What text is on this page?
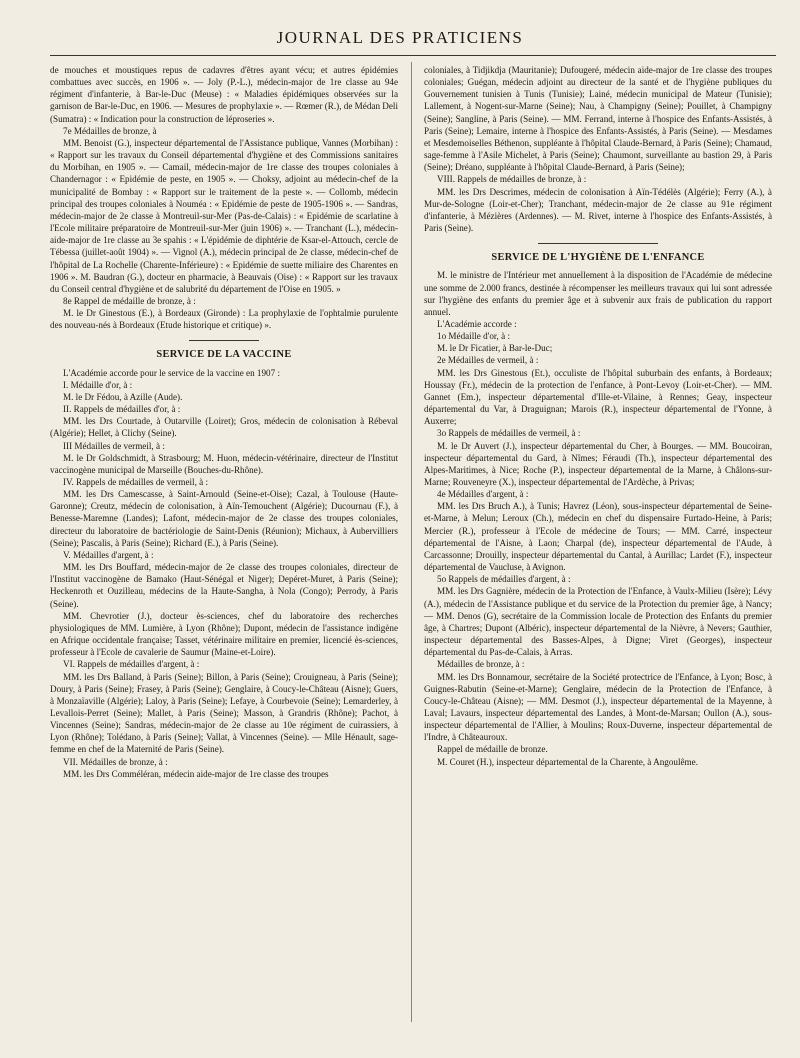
JOURNAL DES PRATICIENS

de mouches et moustiques repus de cadavres d'êtres ayant vécu; et autres épidémies combattues avec succès, en 1906 ». — Joly (P.-L.), médecin-major de 1re classe au 94e régiment d'infanterie, à Bar-le-Duc (Meuse) : « Maladies épidémiques observées sur la garnison de Bar-le-Duc, en 1906. — Mesures de prophylaxie ». — Rœmer (R.), de Médan Deli (Sumatra) : « Indication pour la construction de léproseries ».

7e Médailles de bronze, à

MM. Benoist (G.), inspecteur départemental de l'Assistance publique, Vannes (Morbihan) : « Rapport sur les travaux du Conseil départemental d'hygiène et des Commissions sanitaires du Morbihan, en 1905 ». — Camail, médecin-major de 1re classe des troupes coloniales à Chandernagor : « Epidémie de peste, en 1905 ». — Choksy, adjoint au médecin-chef de la municipalité de Bombay : « Rapport sur le traitement de la peste ». — Collomb, médecin principal des troupes coloniales à Nouméa : « Epidémie de peste de 1905-1906 ». — Sandras, médecin-major de 2e classe à Montreuil-sur-Mer (Pas-de-Calais) : « Epidémie de scarlatine à l'Ecole militaire préparatoire de Montreuil-sur-Mer (juin 1906) ». — Tranchant (L.), médecin-aide-major de 1re classe au 3e spahis : « L'épidémie de diphtérie de Ksar-el-Attouch, cercle de Tébessa (juillet-août 1904) ». — Vignol (A.), médecin principal de 2e classe, médecin-chef de l'hôpital de La Rochelle (Charente-Inférieure) : « Epidémie de suette miliaire des Charentes en 1906 ». M. Baudran (G.), docteur en pharmacie, à Beauvais (Oise) : « Rapport sur les travaux du Conseil central d'hygiène et de salubrité du département de l'Oise en 1905. »

8e Rappel de médaille de bronze, à :

M. le Dr Ginestous (E.), à Bordeaux (Gironde) : La prophylaxie de l'ophtalmie purulente des nouveau-nés à Bordeaux (Etude historique et critique) ».

SERVICE DE LA VACCINE

L'Académie accorde pour le service de la vaccine en 1907 :

I. Médaille d'or, à :

M. le Dr Fédou, à Azille (Aude).

II. Rappels de médailles d'or, à :

MM. les Drs Courtade, à Outarville (Loiret); Gros, médecin de colonisation à Rébeval (Algérie); Hellet, à Clichy (Seine).

III Médailles de vermeil, à :

M. le Dr Goldschmidt, à Strasbourg; M. Huon, médecin-vétérinaire, directeur de l'Institut vaccinogène municipal de Marseille (Bouches-du-Rhône).

IV. Rappels de médailles de vermeil, à :

MM. les Drs Camescasse, à Saint-Arnould (Seine-et-Oise); Cazal, à Toulouse (Haute-Garonne); Creutz, médecin de colonisation, à Aïn-Temouchent (Algérie); Ducournau (F.), à Benesse-Maremne (Landes); Lafont, médecin-major de 2e classe des troupes coloniales, directeur du laboratoire de bactériologie de Saint-Denis (Réunion); Michaux, à Aubervilliers (Seine); Pascalis, à Paris (Seine); Richard (E.), à Paris (Seine).

V. Médailles d'argent, à :

MM. les Drs Bouffard, médecin-major de 2e classe des troupes coloniales, directeur de l'Institut vaccinogène de Bamako (Haut-Sénégal et Niger); Depéret-Muret, à Paris (Seine); Heckenroth et Ouzilleau, médecins de la Haute-Sangha, à Nola (Congo); Perrody, à Paris (Seine).

MM. Chevrotier (J.), docteur ès-sciences, chef du laboratoire des recherches physiologiques de MM. Lumière, à Lyon (Rhône); Dupont, médecin de l'assistance indigène en Afrique occidentale française; Tasset, vétérinaire militaire en premier, licencié ès-sciences, professeur à l'Ecole de cavalerie de Saumur (Maine-et-Loire).

VI. Rappels de médailles d'argent, à :

MM. les Drs Balland, à Paris (Seine); Billon, à Paris (Seine); Crouigneau, à Paris (Seine); Doury, à Paris (Seine); Frasey, à Paris (Seine); Genglaire, à Coucy-le-Château (Aisne); Guers, à Monzaïaville (Algérie); Laloy, à Paris (Seine); Lefaye, à Courbevoie (Seine); Lemarderley, à Levallois-Perret (Seine); Mallet, à Paris (Seine); Masson, à Grandris (Rhône); Pachot, à Vincennes (Seine); Sandras, médecin-major de 2e classe au 10e régiment de cuirassiers, à Lyon (Rhône); Tolédano, à Paris (Seine); Vallat, à Vincennes (Seine). — Mlle Hénault, sage-femme en chef de la Maternité de Paris (Seine).

VII. Médailles de bronze, à :

MM. les Drs Comméléran, médecin aide-major de 1re classe des troupes

coloniales, à Tidjikdja (Mauritanie); Dufougeré, médecin aide-major de 1re classe des troupes coloniales; Guégan, médecin adjoint au directeur de la santé et de l'hygiène publiques du Gouvernement tunisien à Tunis (Tunisie); Lainé, médecin municipal de Mateur (Tunisie); Lallement, à Nogent-sur-Marne (Seine); Nau, à Champigny (Seine); Pouillet, à Champigny (Seine); Sangline, à Paris (Seine). — MM. Ferrand, interne à l'hospice des Enfants-Assistés, à Paris (Seine); Lemaire, interne à l'hospice des Enfants-Assistés, à Paris (Seine). — Mesdames et Mesdemoiselles Béthenon, suppléante à l'hôpital Claude-Bernard, à Paris (Seine); Chamaud, sage-femme à l'Asile Michelet, à Paris (Seine); Chaumont, surveillante au bastion 29, à Paris (Seine); Dréano, suppléante à l'hôpital Claude-Bernard, à Paris (Seine);

VIII. Rappels de médailles de bronze, à :

MM. les Drs Descrimes, médecin de colonisation à Aïn-Tédélès (Algérie); Ferry (A.), à Mur-de-Sologne (Loir-et-Cher); Tranchant, médecin-major de 2e classe au 91e régiment d'infanterie, à Mézières (Ardennes). — M. Rivet, interne à l'hospice des Enfants-Assistés, à Paris (Seine).

SERVICE DE L'HYGIÈNE DE L'ENFANCE

M. le ministre de l'Intérieur met annuellement à la disposition de l'Académie de médecine une somme de 2.000 francs, destinée à récompenser les meilleurs travaux qui lui sont adressée sur l'hygiène des enfants du premier âge et à subvenir aux frais de publication du rapport annuel.

L'Académie accorde :

1o Médaille d'or, à :

M. le Dr Ficatier, à Bar-le-Duc;

2e Médailles de vermeil, à :

MM. les Drs Ginestous (Et.), occuliste de l'hôpital suburbain des enfants, à Bordeaux; Houssay (Fr.), médecin de la protection de l'enfance, à Pont-Levoy (Loir-et-Cher). — MM. Gannet (Em.), inspecteur départemental d'Ille-et-Vilaine, à Rennes; Geay, inspecteur départemental du Var, à Draguignan; Marois (R.), inspecteur départemental de l'Yonne, à Auxerre;

3o Rappels de médailles de vermeil, à :

M. le Dr Auvert (J.), inspecteur départemental du Cher, à Bourges. — MM. Boucoiran, inspecteur départemental du Gard, à Nîmes; Féraudi (Th.), inspecteur départemental des Alpes-Maritimes, à Nice; Roche (P.), inspecteur départemental de la Marne, à Châlons-sur-Marne; Rouveneyre (X.), inspecteur départemental de l'Ardèche, à Privas;

4e Médailles d'argent, à :

MM. les Drs Bruch A.), à Tunis; Havrez (Léon), sous-inspecteur départemental de Seine-et-Marne, à Melun; Leroux (Ch.), médecin en chef du dispensaire Furtado-Heine, à Paris; Mercier (R.), professeur à l'Ecole de médecine de Tours; — MM. Carré, inspecteur départemental de l'Aisne, à Laon; Charpal (de), inspecteur départemental de l'Aude, à Carcassonne; Drouilly, inspecteur départemental du Cantal, à Aurillac; Lardet (F.), inspecteur départemental de Vaucluse, à Avignon.

5o Rappels de médailles d'argent, à :

MM. les Drs Gagnière, médecin de la Protection de l'Enfance, à Vaulx-Milieu (Isère); Lévy (A.), médecin de l'Assistance publique et du service de la Protection du premier âge, à Nancy; — MM. Denos (G), secrétaire de la Commission locale de Protection des Enfants du premier âge, à Chartres; Dupont (Albéric), inspecteur départemental de la Nièvre, à Nevers; Gauthier, inspecteur départemental des Basses-Alpes, à Digne; Viret (Georges), inspecteur départemental du Pas-de-Calais, à Arras.

Médailles de bronze, à :

MM. les Drs Bonnamour, secrétaire de la Société protectrice de l'Enfance, à Lyon; Bosc, à Guignes-Rabutin (Seine-et-Marne); Genglaire, médecin de la Protection de l'Enfance, à Coucy-le-Château (Aisne); — MM. Desmot (J.), inspecteur départemental de la Mayenne, à Laval; Lavaurs, inspecteur départemental des Landes, à Mont-de-Marsan; Oullon (A.), sous-inspecteur départemental de l'Allier, à Moulins; Roux-Duverne, inspecteur départemental de l'Indre, à Châteauroux.

Rappel de médaille de bronze.

M. Couret (H.), inspecteur départemental de la Charente, à Angoulême.
